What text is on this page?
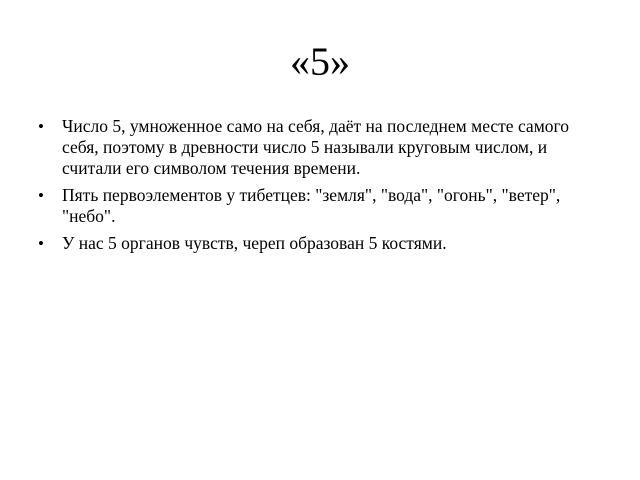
«5»
•	Число 5, умноженное само на себя, даёт на последнем месте самого себя, поэтому в древности число 5 называли круговым числом, и считали его символом течения времени.
•	Пять первоэлементов у тибетцев: "земля", "вода", "огонь", "ветер", "небо".
•	У нас 5 органов чувств, череп образован 5 костями.
